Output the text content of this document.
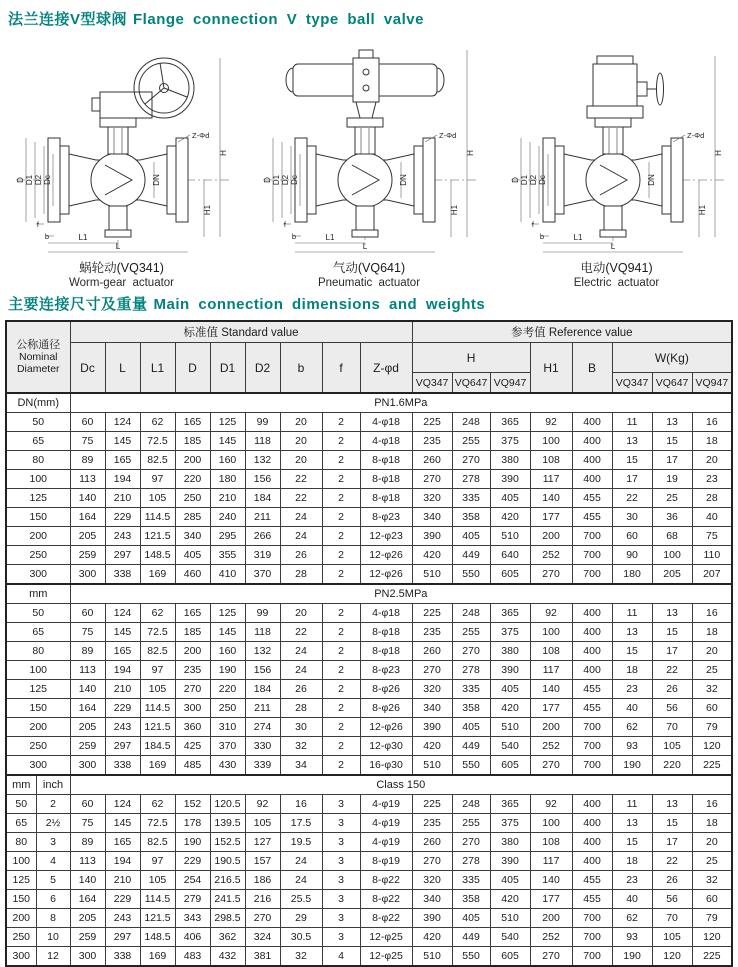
法兰连接V型球阀 Flange connection V type ball valve
D D1 D2 Dc	DN
H
H1
f
b	L1
L
Z-Φd
蜗轮动(VQ341)
Worm-gear actuator
D D1 D2 Dc	DN
H
H1
f
b	L1
L
Z-Φd
气动(VQ641)
Pneumatic actuator
D D1 D2 Dc	DN
H
H1
f
b	L1
L
Z-Φd
电动(VQ941)
Electric actuator
主要连接尺寸及重量 Main connection dimensions and weights
公称通径
Nominal
Diameter		标准值 Standard value									参考值 Reference value							
		Dc	L	L1	D	D1	D2	b	f	Z-φd	H			H1	B	W(Kg)		
											VQ347	VQ647	VQ947			VQ347	VQ647	VQ947
DN(mm)		PN1.6MPa																
50		60	124	62	165	125	99	20	2	4-φ18	225	248	365	92	400	11	13	16
65		75	145	72.5	185	145	118	20	2	4-φ18	235	255	375	100	400	13	15	18
80		89	165	82.5	200	160	132	20	2	8-φ18	260	270	380	108	400	15	17	20
100		113	194	97	220	180	156	22	2	8-φ18	270	278	390	117	400	17	19	23
125		140	210	105	250	210	184	22	2	8-φ18	320	335	405	140	455	22	25	28
150		164	229	114.5	285	240	211	24	2	8-φ23	340	358	420	177	455	30	36	40
200		205	243	121.5	340	295	266	24	2	12-φ23	390	405	510	200	700	60	68	75
250		259	297	148.5	405	355	319	26	2	12-φ26	420	449	640	252	700	90	100	110
300		300	338	169	460	410	370	28	2	12-φ26	510	550	605	270	700	180	205	207
mm		PN2.5MPa																
50		60	124	62	165	125	99	20	2	4-φ18	225	248	365	92	400	11	13	16
65		75	145	72.5	185	145	118	22	2	8-φ18	235	255	375	100	400	13	15	18
80		89	165	82.5	200	160	132	24	2	8-φ18	260	270	380	108	400	15	17	20
100		113	194	97	235	190	156	24	2	8-φ23	270	278	390	117	400	18	22	25
125		140	210	105	270	220	184	26	2	8-φ26	320	335	405	140	455	23	26	32
150		164	229	114.5	300	250	211	28	2	8-φ26	340	358	420	177	455	40	56	60
200		205	243	121.5	360	310	274	30	2	12-φ26	390	405	510	200	700	62	70	79
250		259	297	184.5	425	370	330	32	2	12-φ30	420	449	540	252	700	93	105	120
300		300	338	169	485	430	339	34	2	16-φ30	510	550	605	270	700	190	220	225
mm	inch	Class 150																
50	2	60	124	62	152	120.5	92	16	3	4-φ19	225	248	365	92	400	11	13	16
65	2½	75	145	72.5	178	139.5	105	17.5	3	4-φ19	235	255	375	100	400	13	15	18
80	3	89	165	82.5	190	152.5	127	19.5	3	4-φ19	260	270	380	108	400	15	17	20
100	4	113	194	97	229	190.5	157	24	3	8-φ19	270	278	390	117	400	18	22	25
125	5	140	210	105	254	216.5	186	24	3	8-φ22	320	335	405	140	455	23	26	32
150	6	164	229	114.5	279	241.5	216	25.5	3	8-φ22	340	358	420	177	455	40	56	60
200	8	205	243	121.5	343	298.5	270	29	3	8-φ22	390	405	510	200	700	62	70	79
250	10	259	297	148.5	406	362	324	30.5	3	12-φ25	420	449	540	252	700	93	105	120
300	12	300	338	169	483	432	381	32	4	12-φ25	510	550	605	270	700	190	120	225
